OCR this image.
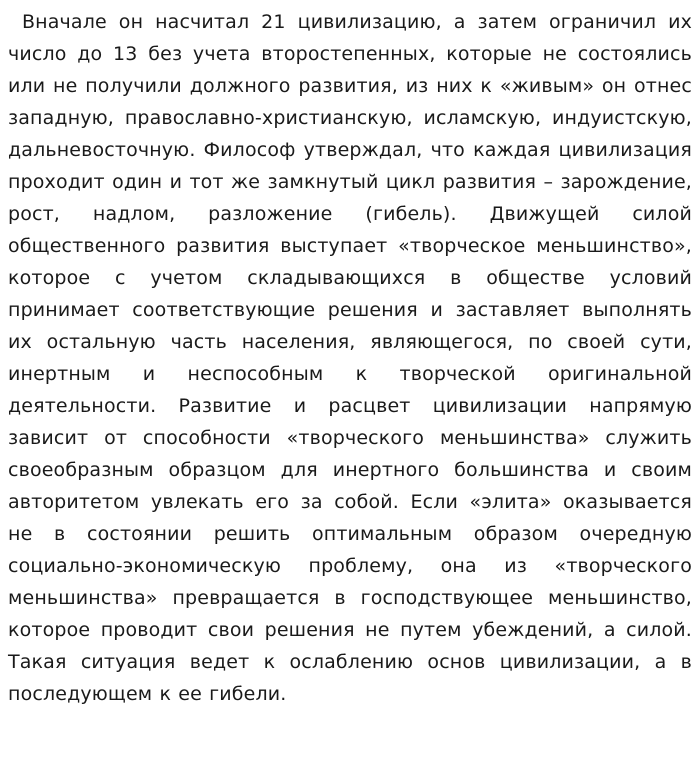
Вначале он насчитал 21 цивилизацию, а затем ограничил их число до 13 без учета второстепенных, которые не состоялись или не получили должного развития, из них к «живым» он отнес западную, православно-христианскую, исламскую, индуистскую, дальневосточную. Философ утверждал, что каждая цивилизация проходит один и тот же замкнутый цикл развития – зарождение, рост, надлом, разложение (гибель). Движущей силой общественного развития выступает «творческое меньшинство», которое с учетом складывающихся в обществе условий принимает соответствующие решения и заставляет выполнять их остальную часть населения, являющегося, по своей сути, инертным и неспособным к творческой оригинальной деятельности. Развитие и расцвет цивилизации напрямую зависит от способности «творческого меньшинства» служить своеобразным образцом для инертного большинства и своим авторитетом увлекать его за собой. Если «элита» оказывается не в состоянии решить оптимальным образом очередную социально-экономическую проблему, она из «творческого меньшинства» превращается в господствующее меньшинство, которое проводит свои решения не путем убеждений, а силой. Такая ситуация ведет к ослаблению основ цивилизации, а в последующем к ее гибели.
